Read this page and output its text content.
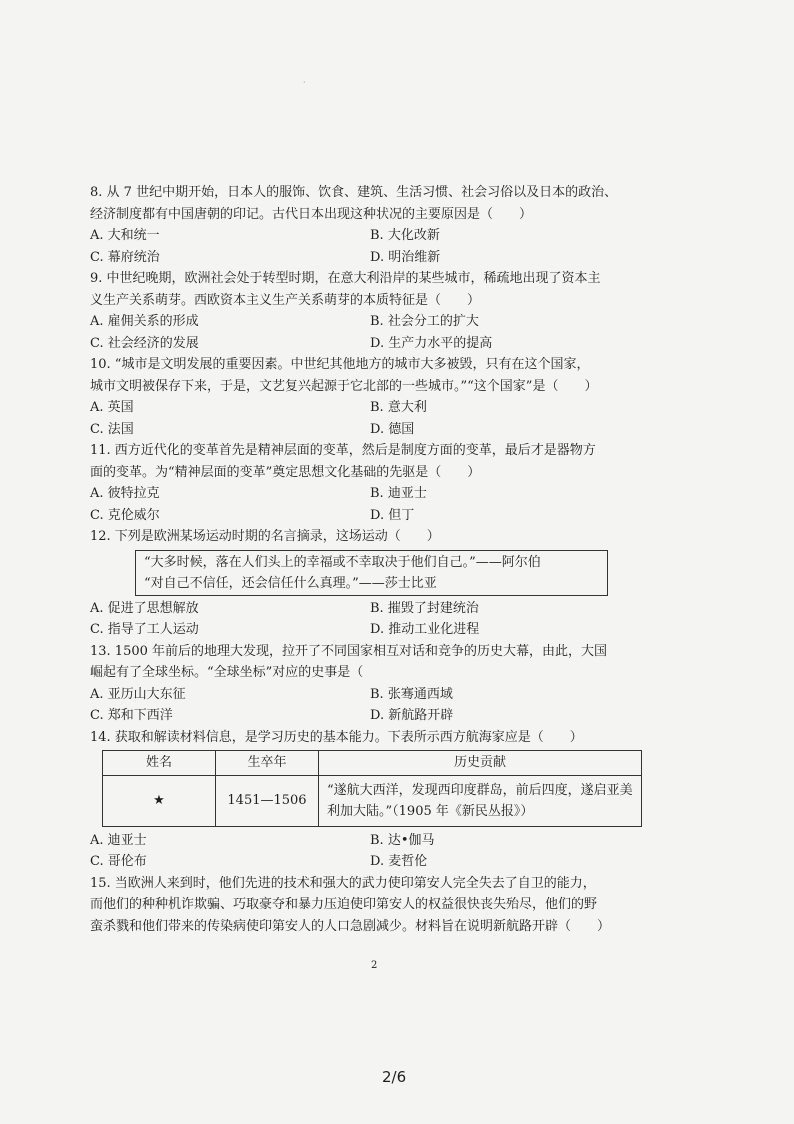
·

8. 从 7 世纪中期开始，日本人的服饰、饮食、建筑、生活习惯、社会习俗以及日本的政治、

经济制度都有中国唐朝的印记。古代日本出现这种状况的主要原因是（　　）

A. 大和统一	B. 大化改新
C. 幕府统治	D. 明治维新

9. 中世纪晚期，欧洲社会处于转型时期，在意大利沿岸的某些城市，稀疏地出现了资本主

义生产关系萌芽。西欧资本主义生产关系萌芽的本质特征是（　　）

A. 雇佣关系的形成	B. 社会分工的扩大
C. 社会经济的发展	D. 生产力水平的提高

10. “城市是文明发展的重要因素。中世纪其他地方的城市大多被毁，只有在这个国家，

城市文明被保存下来，于是，文艺复兴起源于它北部的一些城市。”“这个国家”是（　　）

A. 英国	B. 意大利
C. 法国	D. 德国

11. 西方近代化的变革首先是精神层面的变革，然后是制度方面的变革，最后才是器物方

面的变革。为“精神层面的变革”奠定思想文化基础的先驱是（　　）

A. 彼特拉克	B. 迪亚士
C. 克伦威尔	D. 但丁

12. 下列是欧洲某场运动时期的名言摘录，这场运动（　　）

“大多时候，落在人们头上的幸福或不幸取决于他们自己。”——阿尔伯

“对自己不信任，还会信任什么真理。”——莎士比亚

A. 促进了思想解放	B. 摧毁了封建统治
C. 指导了工人运动	D. 推动工业化进程

13. 1500 年前后的地理大发现，拉开了不同国家相互对话和竞争的历史大幕，由此，大国

崛起有了全球坐标。“全球坐标”对应的史事是（

A. 亚历山大东征	B. 张骞通西域
C. 郑和下西洋	D. 新航路开辟

14. 获取和解读材料信息，是学习历史的基本能力。下表所示西方航海家应是（　　）

姓名	生卒年	历史贡献
★	1451—1506	“遂航大西洋，发现西印度群岛，前后四度，遂启亚美利加大陆。”（1905 年《新民丛报》）
A. 迪亚士	B. 达•伽马
C. 哥伦布	D. 麦哲伦

15. 当欧洲人来到时，他们先进的技术和强大的武力使印第安人完全失去了自卫的能力，

而他们的种种机诈欺骗、巧取豪夺和暴力压迫使印第安人的权益很快丧失殆尽，他们的野

蛮杀戮和他们带来的传染病使印第安人的人口急剧减少。材料旨在说明新航路开辟（　　）

2
2/6
